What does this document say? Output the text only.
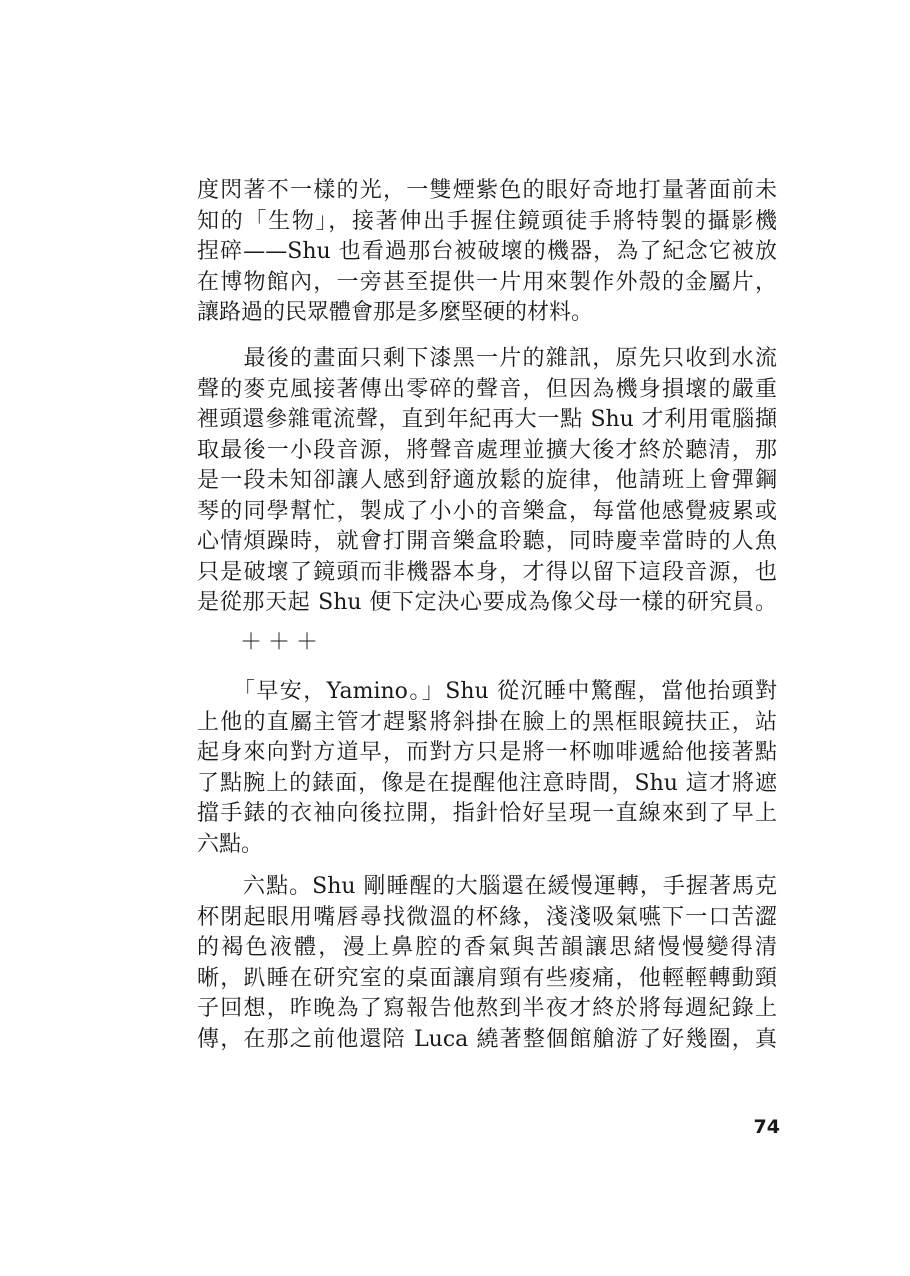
度閃著不一樣的光，一雙煙紫色的眼好奇地打量著面前未
知的「生物」，接著伸出手握住鏡頭徒手將特製的攝影機
捏碎——Shu 也看過那台被破壞的機器，為了紀念它被放
在博物館內，一旁甚至提供一片用來製作外殼的金屬片，
讓路過的民眾體會那是多麼堅硬的材料。
　　最後的畫面只剩下漆黑一片的雜訊，原先只收到水流
聲的麥克風接著傳出零碎的聲音，但因為機身損壞的嚴重
裡頭還參雜電流聲，直到年紀再大一點 Shu 才利用電腦擷
取最後一小段音源，將聲音處理並擴大後才終於聽清，那
是一段未知卻讓人感到舒適放鬆的旋律，他請班上會彈鋼
琴的同學幫忙，製成了小小的音樂盒，每當他感覺疲累或
心情煩躁時，就會打開音樂盒聆聽，同時慶幸當時的人魚
只是破壞了鏡頭而非機器本身，才得以留下這段音源，也
是從那天起 Shu 便下定決心要成為像父母一樣的研究員。
＋＋＋
　　「早安，Yamino。」Shu 從沉睡中驚醒，當他抬頭對
上他的直屬主管才趕緊將斜掛在臉上的黑框眼鏡扶正，站
起身來向對方道早，而對方只是將一杯咖啡遞給他接著點
了點腕上的錶面，像是在提醒他注意時間，Shu 這才將遮
擋手錶的衣袖向後拉開，指針恰好呈現一直線來到了早上
六點。
　　六點。Shu 剛睡醒的大腦還在緩慢運轉，手握著馬克
杯閉起眼用嘴唇尋找微溫的杯緣，淺淺吸氣嚥下一口苦澀
的褐色液體，漫上鼻腔的香氣與苦韻讓思緒慢慢變得清
晰，趴睡在研究室的桌面讓肩頸有些痠痛，他輕輕轉動頸
子回想，昨晚為了寫報告他熬到半夜才終於將每週紀錄上
傳，在那之前他還陪 Luca 繞著整個館艙游了好幾圈，真
74
